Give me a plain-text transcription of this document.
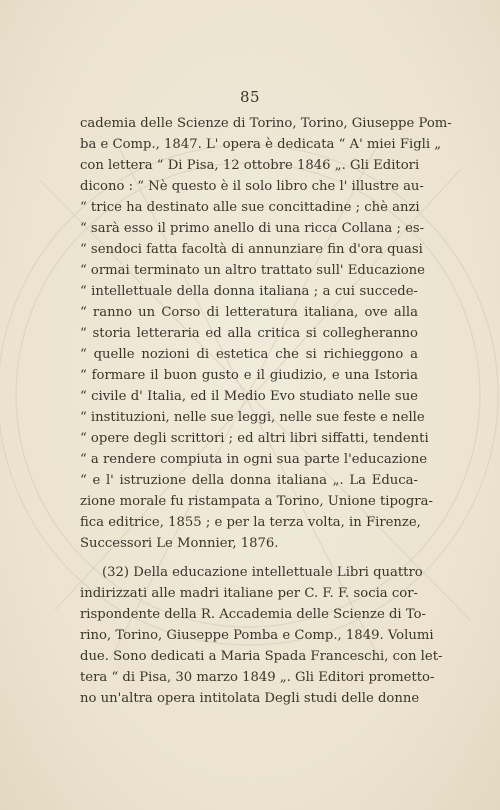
85
cademia delle Scienze di Torino, Torino, Giuseppe Pom-
ba e Comp., 1847. L' opera è dedicata “ A' miei Figli „
con lettera “ Di Pisa, 12 ottobre 1846 „. Gli Editori
dicono : “ Nè questo è il solo libro che l' illustre au-
“ trice ha destinato alle sue concittadine ; chè anzi
“ sarà esso il primo anello di una ricca Collana ; es-
“ sendoci fatta facoltà di annunziare fin d'ora quasi
“ ormai terminato un altro trattato sull' Educazione
“ intellettuale della donna italiana ; a cui succede-
“ ranno un Corso di letteratura italiana, ove alla
“ storia letteraria ed alla critica si collegheranno
“ quelle nozioni di estetica che si richieggono a
“ formare il buon gusto e il giudizio, e una Istoria
“ civile d' Italia, ed il Medio Evo studiato nelle sue
“ instituzioni, nelle sue leggi, nelle sue feste e nelle
“ opere degli scrittori ; ed altri libri siffatti, tendenti
“ a rendere compiuta in ogni sua parte l'educazione
“ e l' istruzione della donna italiana „. La Educa-
zione morale fu ristampata a Torino, Unione tipogra-
fica editrice, 1855 ; e per la terza volta, in Firenze,
Successori Le Monnier, 1876.
(32) Della educazione intellettuale Libri quattro
indirizzati alle madri italiane per C. F. F. socia cor-
rispondente della R. Accademia delle Scienze di To-
rino, Torino, Giuseppe Pomba e Comp., 1849. Volumi
due. Sono dedicati a Maria Spada Franceschi, con let-
tera “ di Pisa, 30 marzo 1849 „. Gli Editori prometto-
no un'altra opera intitolata Degli studi delle donne
